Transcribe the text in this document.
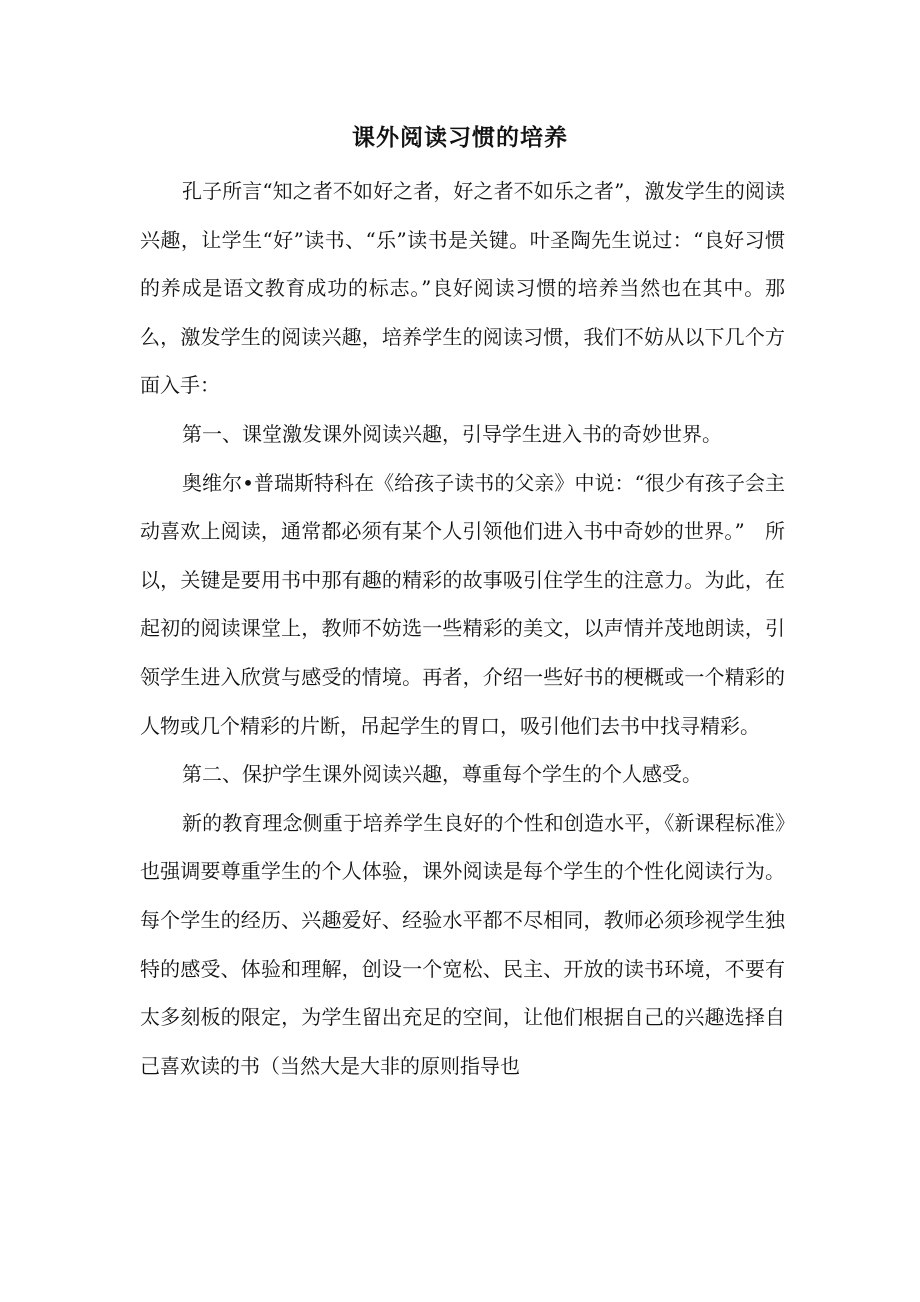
课外阅读习惯的培养

孔子所言“知之者不如好之者，好之者不如乐之者”，激发学生的阅读兴趣，让学生“好”读书、“乐”读书是关键。叶圣陶先生说过：“良好习惯的养成是语文教育成功的标志。”良好阅读习惯的培养当然也在其中。那么，激发学生的阅读兴趣，培养学生的阅读习惯，我们不妨从以下几个方面入手：

第一、课堂激发课外阅读兴趣，引导学生进入书的奇妙世界。

奥维尔•普瑞斯特科在《给孩子读书的父亲》中说：“很少有孩子会主动喜欢上阅读，通常都必须有某个人引领他们进入书中奇妙的世界。”　所以，关键是要用书中那有趣的精彩的故事吸引住学生的注意力。为此，在起初的阅读课堂上，教师不妨选一些精彩的美文，以声情并茂地朗读，引领学生进入欣赏与感受的情境。再者，介绍一些好书的梗概或一个精彩的人物或几个精彩的片断，吊起学生的胃口，吸引他们去书中找寻精彩。

第二、保护学生课外阅读兴趣，尊重每个学生的个人感受。

新的教育理念侧重于培养学生良好的个性和创造水平，《新课程标准》也强调要尊重学生的个人体验，课外阅读是每个学生的个性化阅读行为。每个学生的经历、兴趣爱好、经验水平都不尽相同，教师必须珍视学生独特的感受、体验和理解，创设一个宽松、民主、开放的读书环境，不要有太多刻板的限定，为学生留出充足的空间，让他们根据自己的兴趣选择自己喜欢读的书（当然大是大非的原则指导也
